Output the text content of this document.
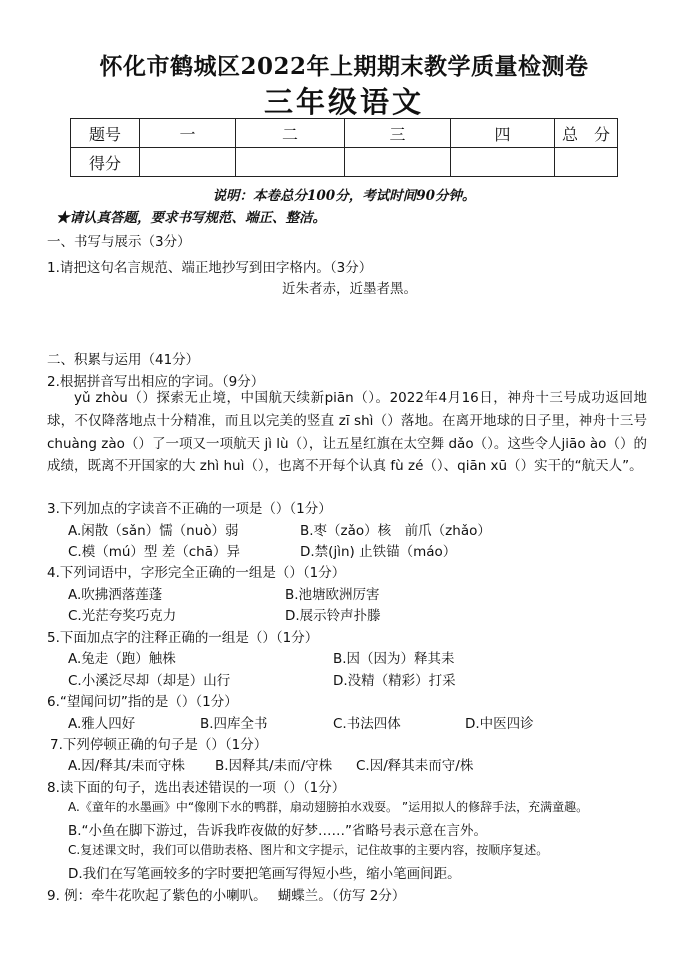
怀化市鹤城区2022年上期期末教学质量检测卷
三年级语文
题号	一	二	三	四	总　分
得分					
说明：本卷总分100分，考试时间90分钟。
★请认真答题，要求书写规范、端正、整洁。
一、书写与展示（3分）
1.请把这句名言规范、端正地抄写到田字格内。（3分）
近朱者赤，近墨者黑。
二、积累与运用（41分）
2.根据拼音写出相应的字词。（9分）
yǔ zhòu（）探索无止境，中国航天续新piān（）。2022年4月16日，神舟十三号成功返回地球，不仅降落地点十分精准，而且以完美的竖直 zī shì（）落地。在离开地球的日子里，神舟十三号 chuàng zào（）了一项又一项航天 jì lù（），让五星红旗在太空舞 dǎo（）。这些令人jiāo ào（）的成绩，既离不开国家的大 zhì huì（），也离不开每个认真 fù zé（）、qiān xū（）实干的“航天人”。
3.下列加点的字读音不正确的一项是（）（1分）
A.闲散（sǎn）懦（nuò）弱	B.枣（zǎo）核　前爪（zhǎo）
C.模（mú）型 差（chā）异	D.禁(jìn) 止铁锚（máo）
4.下列词语中，字形完全正确的一组是（）（1分）
A.吹拂洒落莲蓬	B.池塘欧洲厉害
C.光茫夸奖巧克力	D.展示铃声扑滕
5.下面加点字的注释正确的一组是（）（1分）
A.兔走（跑）触株	B.因（因为）释其耒
C.小溪泛尽却（却是）山行	D.没精（精彩）打采
6.“望闻问切”指的是（）（1分）
A.雅人四好	B.四库全书	C.书法四体	D.中医四诊
7.下列停顿正确的句子是（）（1分）
A.因/释其/耒而守株 B.因释其/耒而/守株 C.因/释其耒而守/株
8.读下面的句子，选出表述错误的一项（）（1分）
A.《童年的水墨画》中“像刚下水的鸭群，扇动翅膀拍水戏耍。 ”运用拟人的修辞手法，充满童趣。
B.“小鱼在脚下游过，告诉我昨夜做的好梦……”省略号表示意在言外。
C.复述课文时，我们可以借助表格、图片和文字提示，记住故事的主要内容，按顺序复述。
D.我们在写笔画较多的字时要把笔画写得短小些，缩小笔画间距。
9. 例：牵牛花吹起了紫色的小喇叭。　 蝴蝶兰。（仿写 2分）
